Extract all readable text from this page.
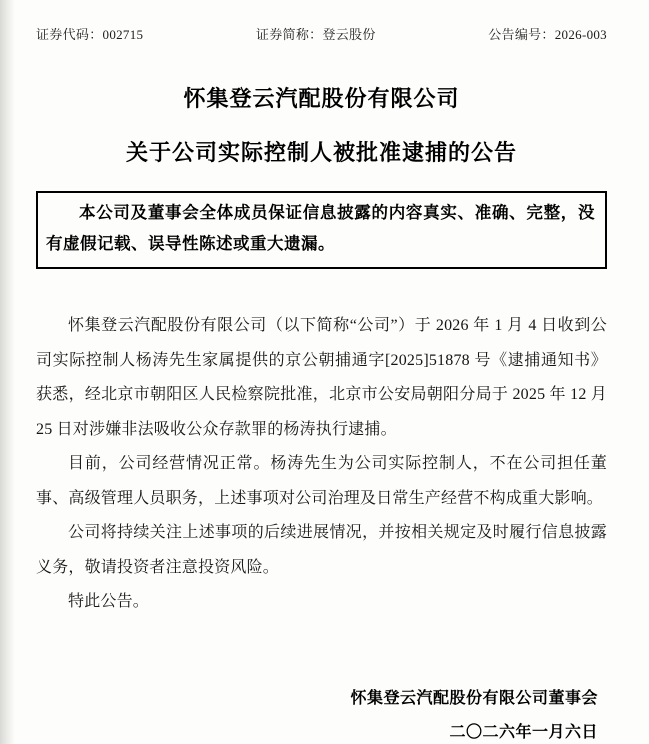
证券代码：002715	证券简称：登云股份	公告编号：2026-003
怀集登云汽配股份有限公司
关于公司实际控制人被批准逮捕的公告

本公司及董事会全体成员保证信息披露的内容真实、准确、完整，没有虚假记载、误导性陈述或重大遗漏。

怀集登云汽配股份有限公司（以下简称“公司”）于 2026 年 1 月 4 日收到公司实际控制人杨涛先生家属提供的京公朝捕通字[2025]51878 号《逮捕通知书》获悉，经北京市朝阳区人民检察院批准，北京市公安局朝阳分局于 2025 年 12 月 25 日对涉嫌非法吸收公众存款罪的杨涛执行逮捕。

目前，公司经营情况正常。杨涛先生为公司实际控制人，不在公司担任董事、高级管理人员职务，上述事项对公司治理及日常生产经营不构成重大影响。

公司将持续关注上述事项的后续进展情况，并按相关规定及时履行信息披露义务，敬请投资者注意投资风险。

特此公告。

怀集登云汽配股份有限公司董事会

二〇二六年一月六日
